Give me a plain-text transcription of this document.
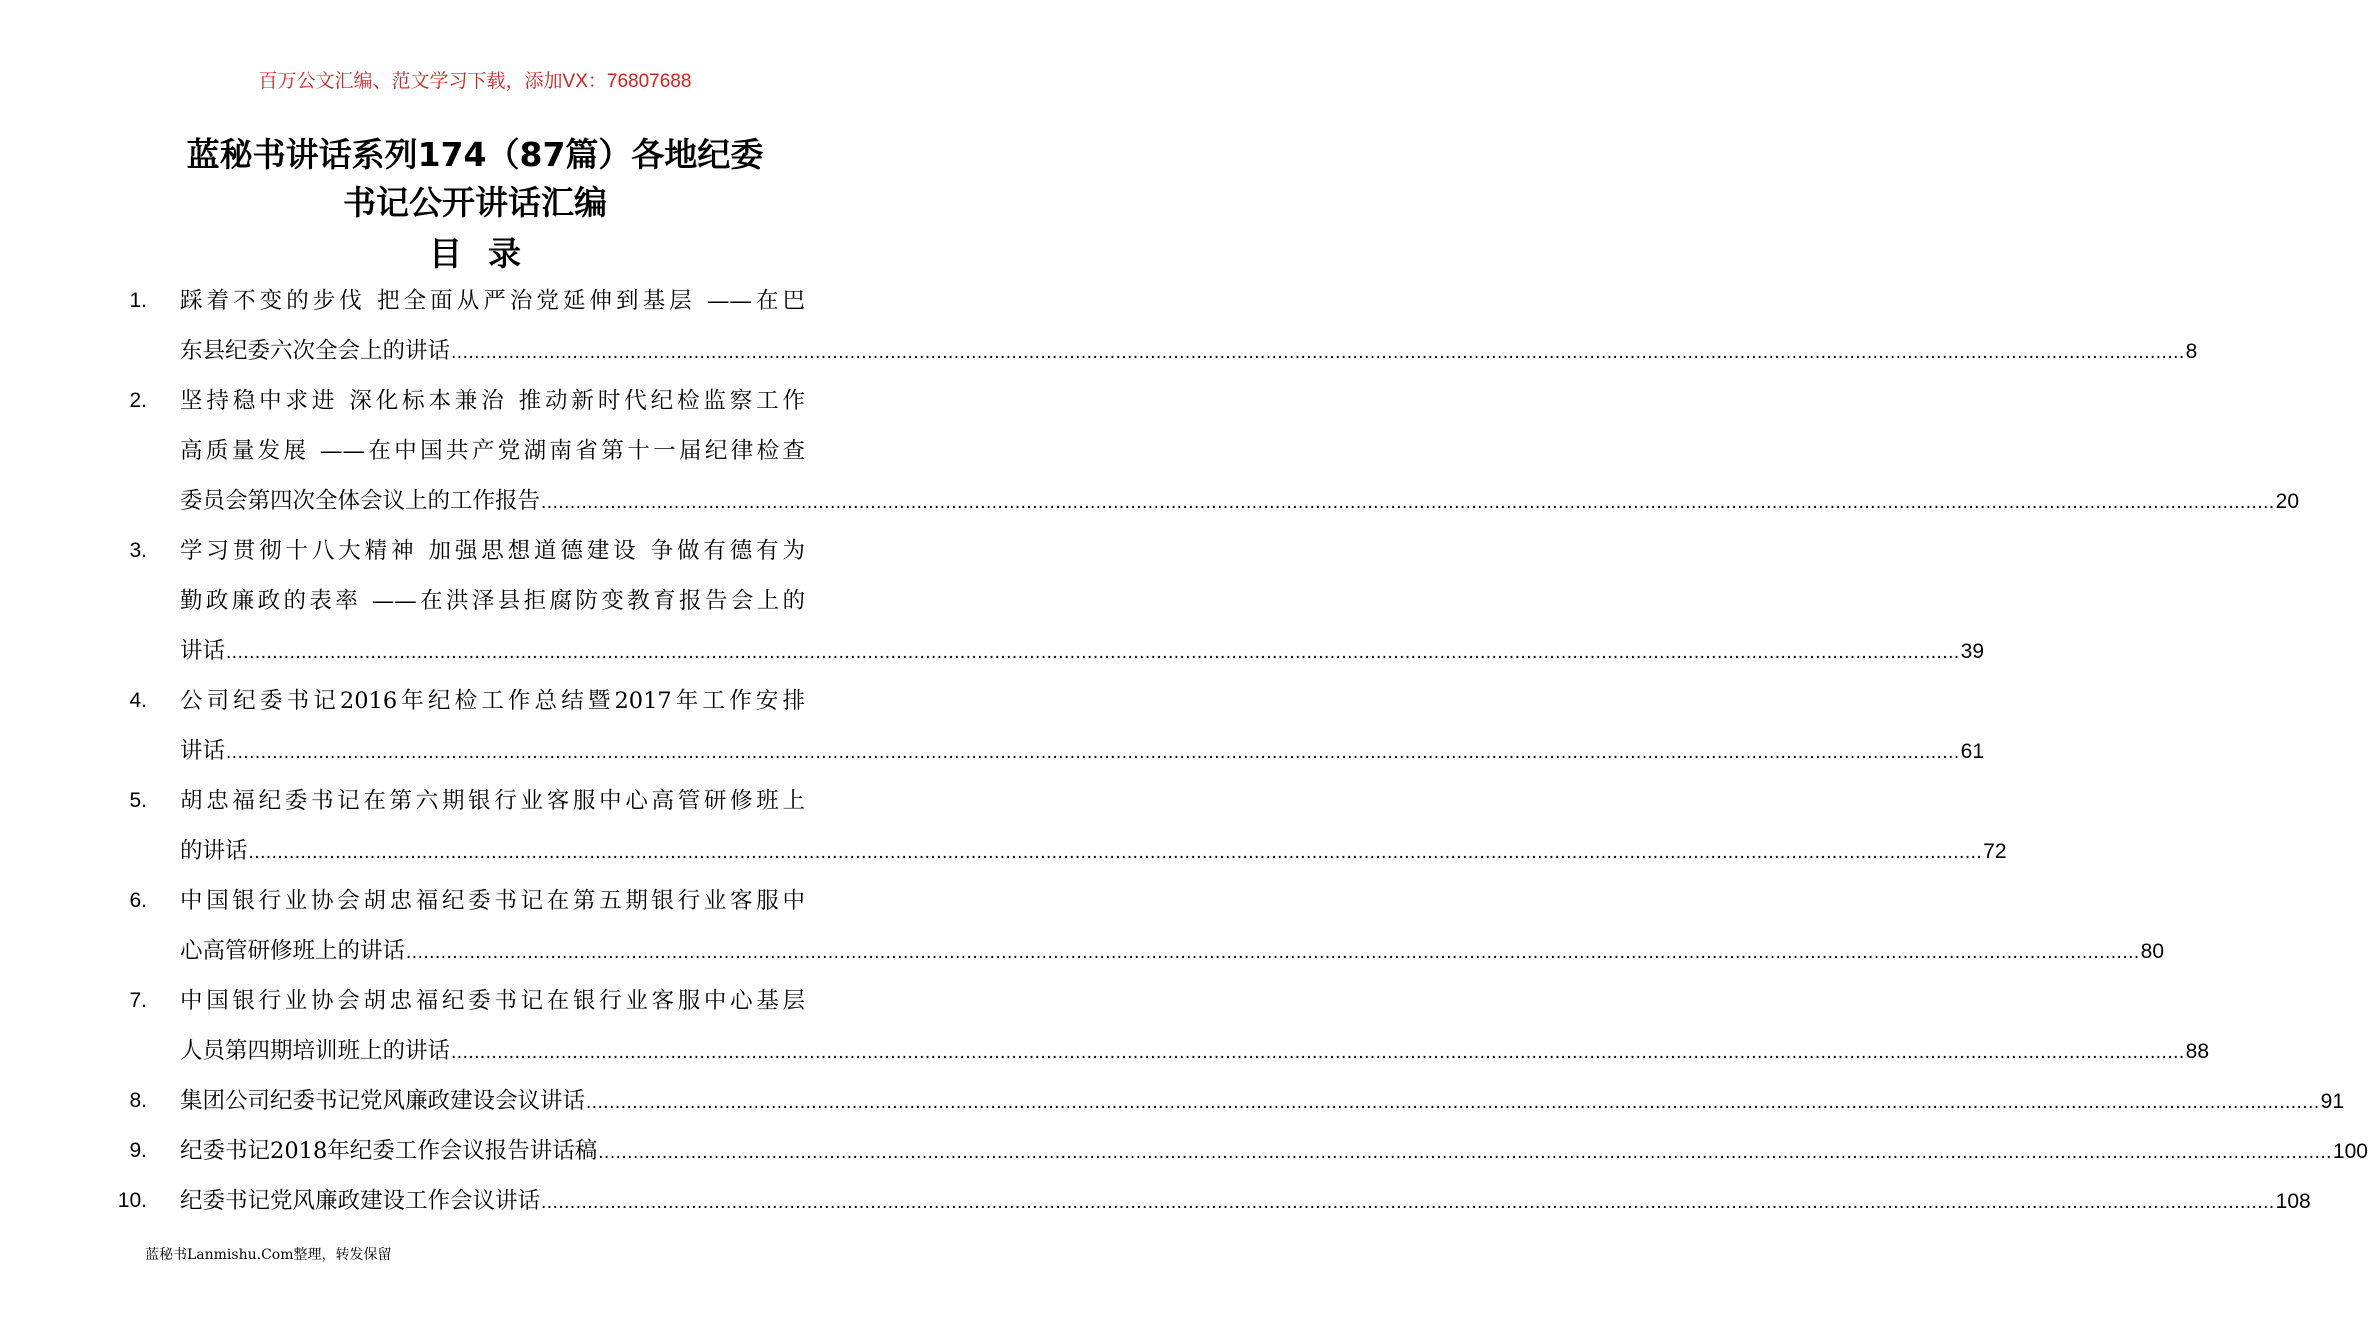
百万公文汇编、范文学习下载，添加VX：76807688
蓝秘书讲话系列174（87篇）各地纪委
书记公开讲话汇编
目录
1. 踩着不变的步伐 把全面从严治党延伸到基层 ——在巴
东县纪委六次全会上的讲话 ............................................................................................................................................................................................................................................................................................................ 8
2. 坚持稳中求进 深化标本兼治 推动新时代纪检监察工作
高质量发展 ——在中国共产党湖南省第十一届纪律检查
委员会第四次全体会议上的工作报告 ............................................................................................................................................................................................................................................................................................................ 20
3. 学习贯彻十八大精神 加强思想道德建设 争做有德有为
勤政廉政的表率 ——在洪泽县拒腐防变教育报告会上的
讲话 ............................................................................................................................................................................................................................................................................................................ 39
4. 公司纪委书记2016年纪检工作总结暨2017年工作安排
讲话 ............................................................................................................................................................................................................................................................................................................ 61
5. 胡忠福纪委书记在第六期银行业客服中心高管研修班上
的讲话 ............................................................................................................................................................................................................................................................................................................ 72
6. 中国银行业协会胡忠福纪委书记在第五期银行业客服中
心高管研修班上的讲话 ............................................................................................................................................................................................................................................................................................................ 80
7. 中国银行业协会胡忠福纪委书记在银行业客服中心基层
人员第四期培训班上的讲话 ............................................................................................................................................................................................................................................................................................................ 88
8. 集团公司纪委书记党风廉政建设会议讲话 ............................................................................................................................................................................................................................................................................................................ 91
9. 纪委书记2018年纪委工作会议报告讲话稿 ............................................................................................................................................................................................................................................................................................................ 100
10. 纪委书记党风廉政建设工作会议讲话 ............................................................................................................................................................................................................................................................................................................ 108
蓝秘书Lanmishu.Com整理，转发保留
